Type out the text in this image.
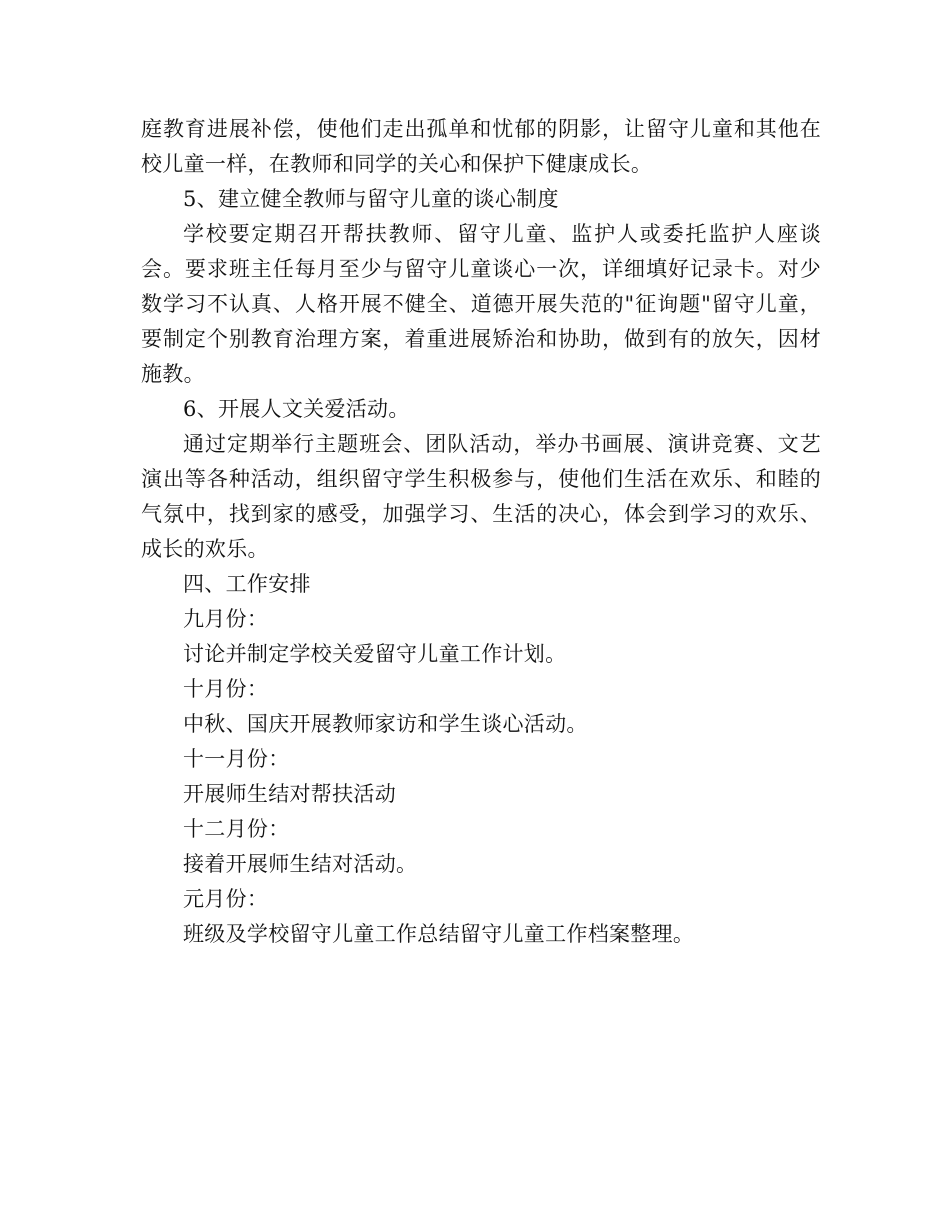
庭教育进展补偿，使他们走出孤单和忧郁的阴影，让留守儿童和其他在校儿童一样，在教师和同学的关心和保护下健康成长。

5、建立健全教师与留守儿童的谈心制度

学校要定期召开帮扶教师、留守儿童、监护人或委托监护人座谈会。要求班主任每月至少与留守儿童谈心一次，详细填好记录卡。对少数学习不认真、人格开展不健全、道德开展失范的"征询题"留守儿童，要制定个别教育治理方案，着重进展矫治和协助，做到有的放矢，因材施教。

6、开展人文关爱活动。

通过定期举行主题班会、团队活动，举办书画展、演讲竞赛、文艺演出等各种活动，组织留守学生积极参与，使他们生活在欢乐、和睦的气氛中，找到家的感受，加强学习、生活的决心，体会到学习的欢乐、成长的欢乐。

四、工作安排

九月份：

讨论并制定学校关爱留守儿童工作计划。

十月份：

中秋、国庆开展教师家访和学生谈心活动。

十一月份：

开展师生结对帮扶活动

十二月份：

接着开展师生结对活动。

元月份：

班级及学校留守儿童工作总结留守儿童工作档案整理。
